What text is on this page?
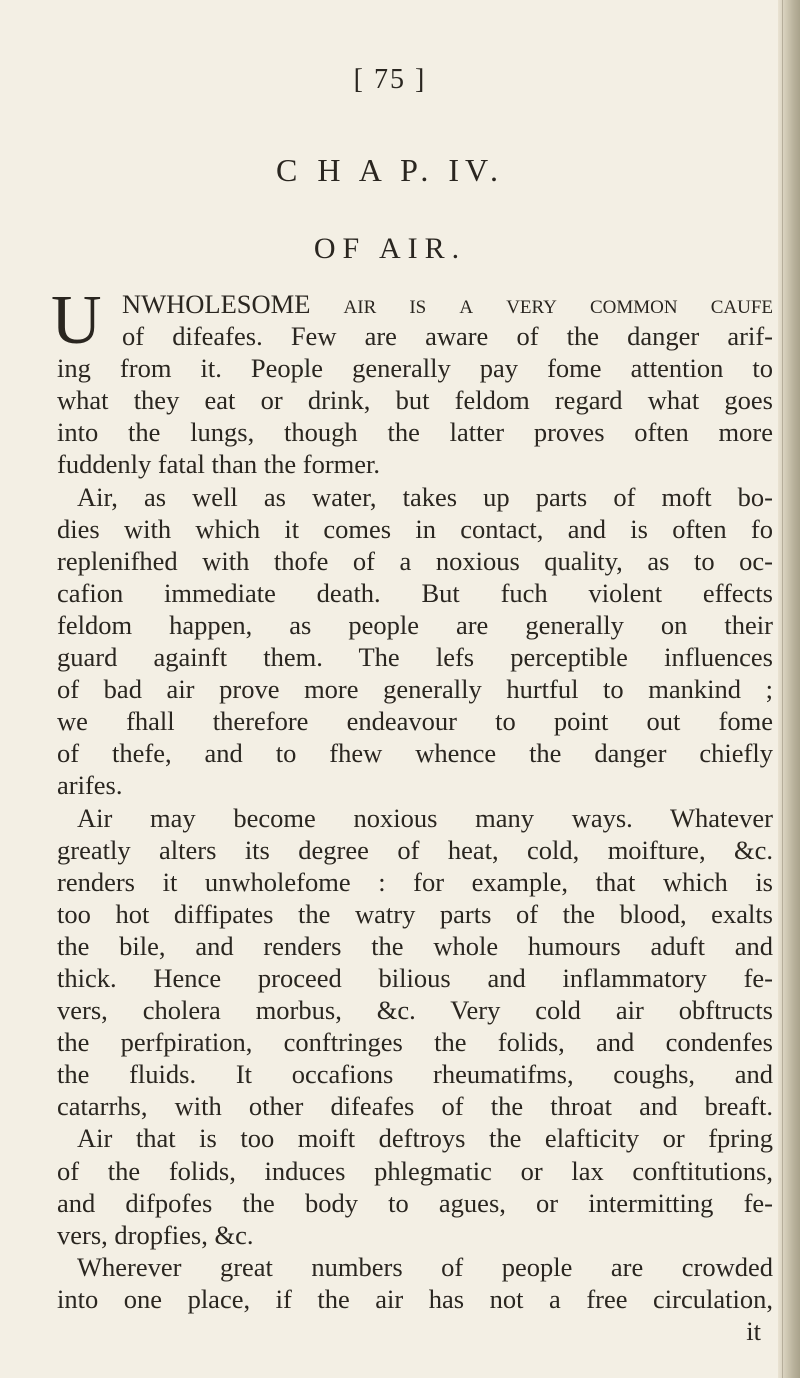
[ 75 ]
C H A P. IV.
OF AIR.
U NWHOLESOME air is a very common caufe
of difeafes. Few are aware of the danger arif-
ing from it. People generally pay fome attention to
what they eat or drink, but feldom regard what goes
into the lungs, though the latter proves often more
fuddenly fatal than the former.
Air, as well as water, takes up parts of moft bo-
dies with which it comes in contact, and is often fo
replenifhed with thofe of a noxious quality, as to oc-
cafion immediate death. But fuch violent effects
feldom happen, as people are generally on their
guard againft them. The lefs perceptible influences
of bad air prove more generally hurtful to mankind ;
we fhall therefore endeavour to point out fome
of thefe, and to fhew whence the danger chiefly
arifes.
Air may become noxious many ways. Whatever
greatly alters its degree of heat, cold, moifture, &c.
renders it unwholefome : for example, that which is
too hot diffipates the watry parts of the blood, exalts
the bile, and renders the whole humours aduft and
thick. Hence proceed bilious and inflammatory fe-
vers, cholera morbus, &c. Very cold air obftructs
the perfpiration, conftringes the folids, and condenfes
the fluids. It occafions rheumatifms, coughs, and
catarrhs, with other difeafes of the throat and breaft.
Air that is too moift deftroys the elafticity or fpring
of the folids, induces phlegmatic or lax conftitutions,
and difpofes the body to agues, or intermitting fe-
vers, dropfies, &c.
Wherever great numbers of people are crowded
into one place, if the air has not a free circulation,
it
